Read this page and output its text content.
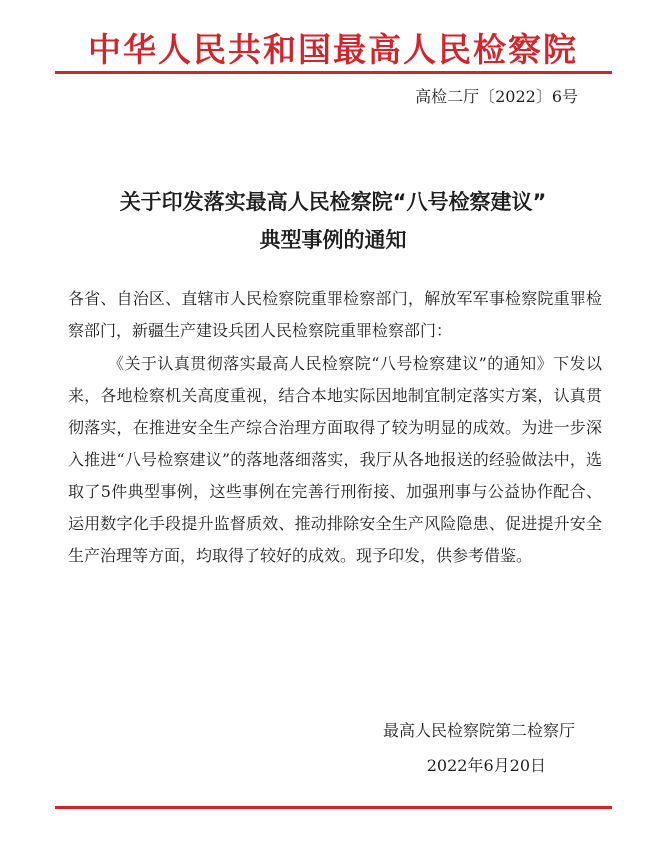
中华人民共和国最高人民检察院
高检二厅〔2022〕6号
关于印发落实最高人民检察院“八号检察建议”
典型事例的通知
各省、自治区、直辖市人民检察院重罪检察部门，解放军军事检察院重罪检察部门，新疆生产建设兵团人民检察院重罪检察部门：
《关于认真贯彻落实最高人民检察院“八号检察建议”的通知》下发以来，各地检察机关高度重视，结合本地实际因地制宜制定落实方案，认真贯彻落实，在推进安全生产综合治理方面取得了较为明显的成效。为进一步深入推进“八号检察建议”的落地落细落实，我厅从各地报送的经验做法中，选取了5件典型事例，这些事例在完善行刑衔接、加强刑事与公益协作配合、运用数字化手段提升监督质效、推动排除安全生产风险隐患、促进提升安全生产治理等方面，均取得了较好的成效。现予印发，供参考借鉴。
最高人民检察院第二检察厅
2022年6月20日
